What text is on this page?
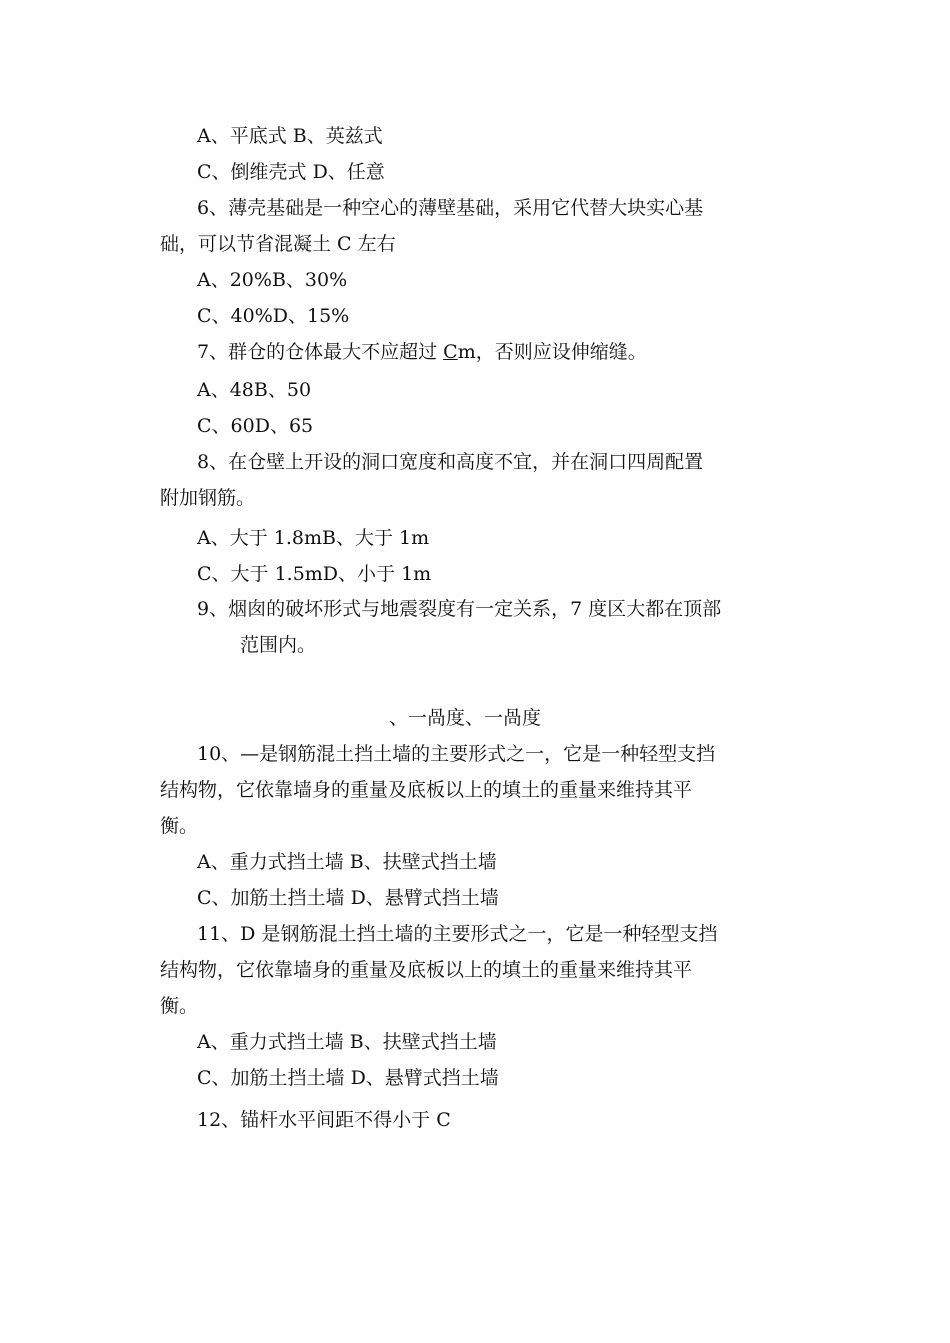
A、平底式 B、英兹式
C、倒维壳式 D、任意
6、薄壳基础是一种空心的薄壁基础，采用它代替大块实心基
础，可以节省混凝土 C 左右
A、20%B、30%
C、40%D、15%
7、群仓的仓体最大不应超过 Cm，否则应设伸缩缝。
A、48B、50
C、60D、65
8、在仓壁上开设的洞口宽度和高度不宜，并在洞口四周配置
附加钢筋。
A、大于 1.8mB、大于 1m
C、大于 1.5mD、小于 1m
9、烟囱的破坏形式与地震裂度有一定关系，7 度区大都在顶部
范围内。
、一咼度、一咼度
10、—是钢筋混土挡土墙的主要形式之一，它是一种轻型支挡
结构物，它依靠墙身的重量及底板以上的填土的重量来维持其平
衡。
A、重力式挡土墙 B、扶壁式挡土墙
C、加筋土挡土墙 D、悬臂式挡土墙
11、D 是钢筋混土挡土墙的主要形式之一，它是一种轻型支挡
结构物，它依靠墙身的重量及底板以上的填土的重量来维持其平
衡。
A、重力式挡土墙 B、扶壁式挡土墙
C、加筋土挡土墙 D、悬臂式挡土墙
12、锚杆水平间距不得小于 C
